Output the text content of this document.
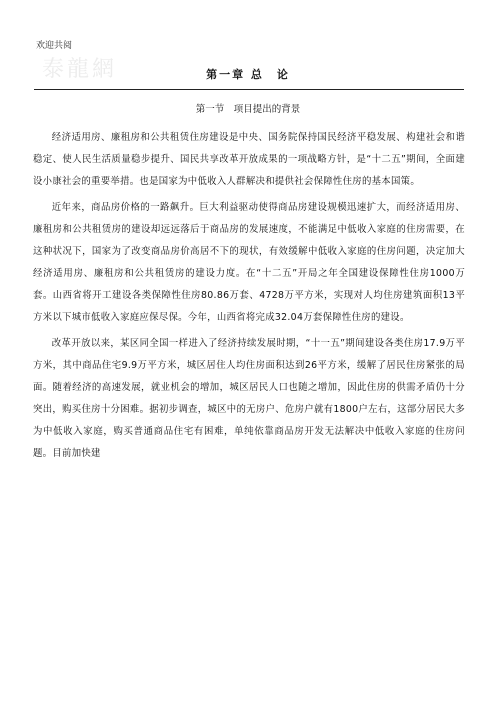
欢迎共阅
泰龍網	第一章 总　论
第一节　项目提出的背景

经济适用房、廉租房和公共租赁住房建设是中央、国务院保持国民经济平稳发展、构建社会和谐稳定、使人民生活质量稳步提升、国民共享改革开放成果的一项战略方针，是“十二五”期间，全面建设小康社会的重要举措。也是国家为中低收入人群解决和提供社会保障性住房的基本国策。

近年来，商品房价格的一路飙升。巨大利益驱动使得商品房建设规模迅速扩大，而经济适用房、廉租房和公共租赁房的建设却远远落后于商品房的发展速度，不能满足中低收入家庭的住房需要，在这种状况下，国家为了改变商品房价高居不下的现状，有效缓解中低收入家庭的住房问题，决定加大经济适用房、廉租房和公共租赁房的建设力度。在“十二五”开局之年全国建设保障性住房1000万套。山西省将开工建设各类保障性住房80.86万套、4728万平方米，实现对人均住房建筑面积13平方米以下城市低收入家庭应保尽保。今年，山西省将完成32.04万套保障性住房的建设。

改革开放以来，某区同全国一样进入了经济持续发展时期，“十一五”期间建设各类住房17.9万平方米，其中商品住宅9.9万平方米，城区居住人均住房面积达到26平方米，缓解了居民住房紧张的局面。随着经济的高速发展，就业机会的增加，城区居民人口也随之增加，因此住房的供需矛盾仍十分突出，购买住房十分困难。据初步调查，城区中的无房户、危房户就有1800户左右，这部分居民大多为中低收入家庭，购买普通商品住宅有困难，单纯依靠商品房开发无法解决中低收入家庭的住房问题。目前加快建
